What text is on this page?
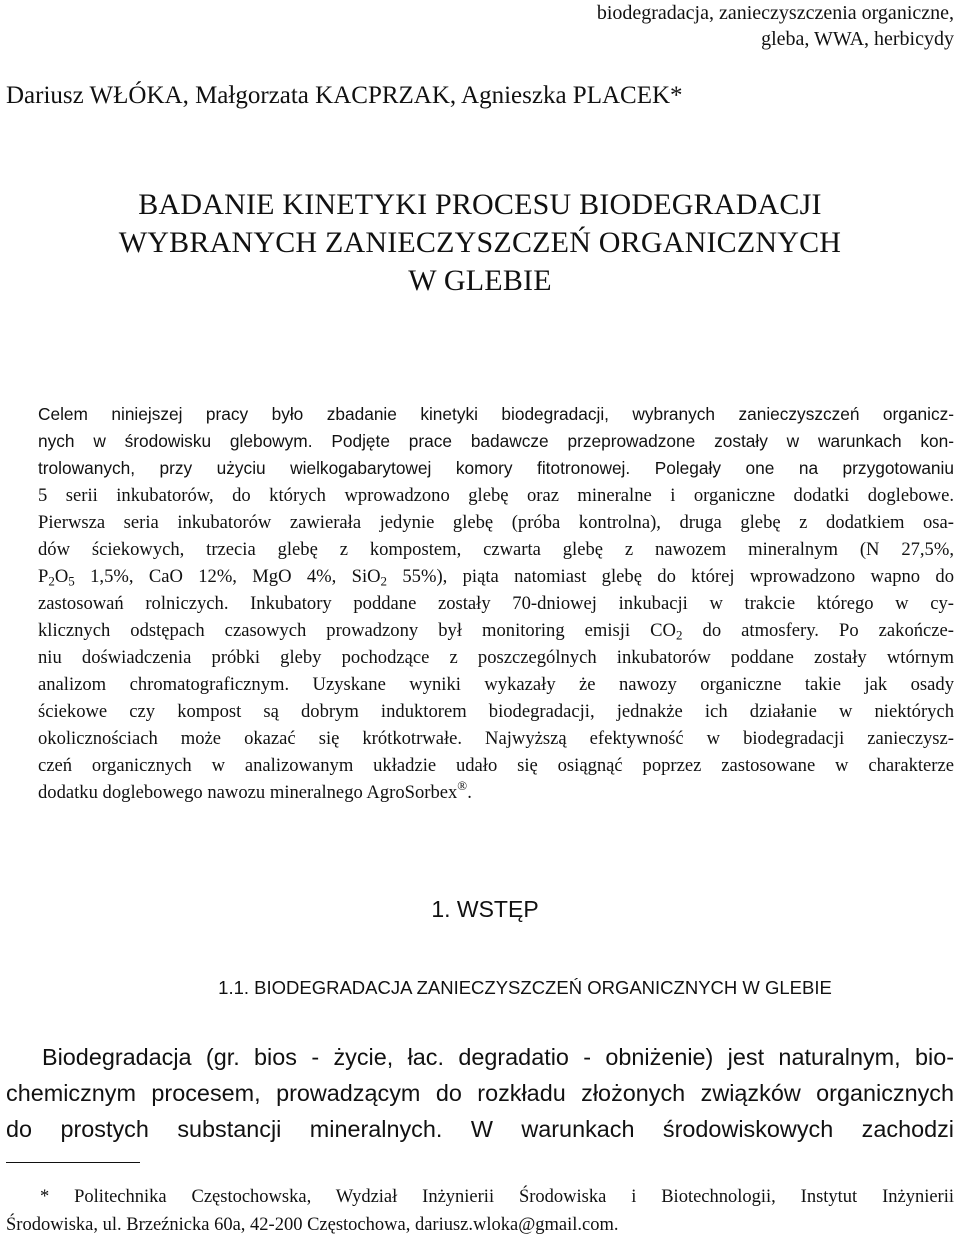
biodegradacja, zanieczyszczenia organiczne,
gleba, WWA, herbicydy
Dariusz WŁÓKA, Małgorzata KACPRZAK, Agnieszka PLACEK*
BADANIE KINETYKI PROCESU BIODEGRADACJI
WYBRANYCH ZANIECZYSZCZEŃ ORGANICZNYCH
W GLEBIE
Celem niniejszej pracy było zbadanie kinetyki biodegradacji, wybranych zanieczyszczeń organicz-
nych w środowisku glebowym. Podjęte prace badawcze przeprowadzone zostały w warunkach kon-
trolowanych, przy użyciu wielkogabarytowej komory fitotronowej. Polegały one na przygotowaniu
5 serii inkubatorów, do których wprowadzono glebę oraz mineralne i organiczne dodatki doglebowe.
Pierwsza seria inkubatorów zawierała jedynie glebę (próba kontrolna), druga glebę z dodatkiem osa-
dów ściekowych, trzecia glebę z kompostem, czwarta glebę z nawozem mineralnym (N 27,5%,
$P_2O_5$ 1,5%, CaO 12%, MgO 4%, SiO$_2$ 55%), piąta natomiast glebę do której wprowadzono wapno do
zastosowań rolniczych. Inkubatory poddane zostały 70-dniowej inkubacji w trakcie którego w cy-
klicznych odstępach czasowych prowadzony był monitoring emisji $CO_2$ do atmosfery. Po zakończe-
niu doświadczenia próbki gleby pochodzące z poszczególnych inkubatorów poddane zostały wtórnym
analizom chromatograficznym. Uzyskane wyniki wykazały że nawozy organiczne takie jak osady
ściekowe czy kompost są dobrym induktorem biodegradacji, jednakże ich działanie w niektórych
okolicznościach może okazać się krótkotrwałe. Najwyższą efektywność w biodegradacji zanieczysz-
czeń organicznych w analizowanym układzie udało się osiągnąć poprzez zastosowane w charakterze
dodatku doglebowego nawozu mineralnego AgroSorbex®.
1. WSTĘP
1.1. BIODEGRADACJA ZANIECZYSZCZEŃ ORGANICZNYCH W GLEBIE
Biodegradacja (gr. bios - życie, łac. degradatio - obniżenie) jest naturalnym, bio-
chemicznym procesem, prowadzącym do rozkładu złożonych związków organicznych
do prostych substancji mineralnych. W warunkach środowiskowych zachodzi
* Politechnika Częstochowska, Wydział Inżynierii Środowiska i Biotechnologii, Instytut Inżynierii
Środowiska, ul. Brzeźnicka 60a, 42-200 Częstochowa, dariusz.wloka@gmail.com.
